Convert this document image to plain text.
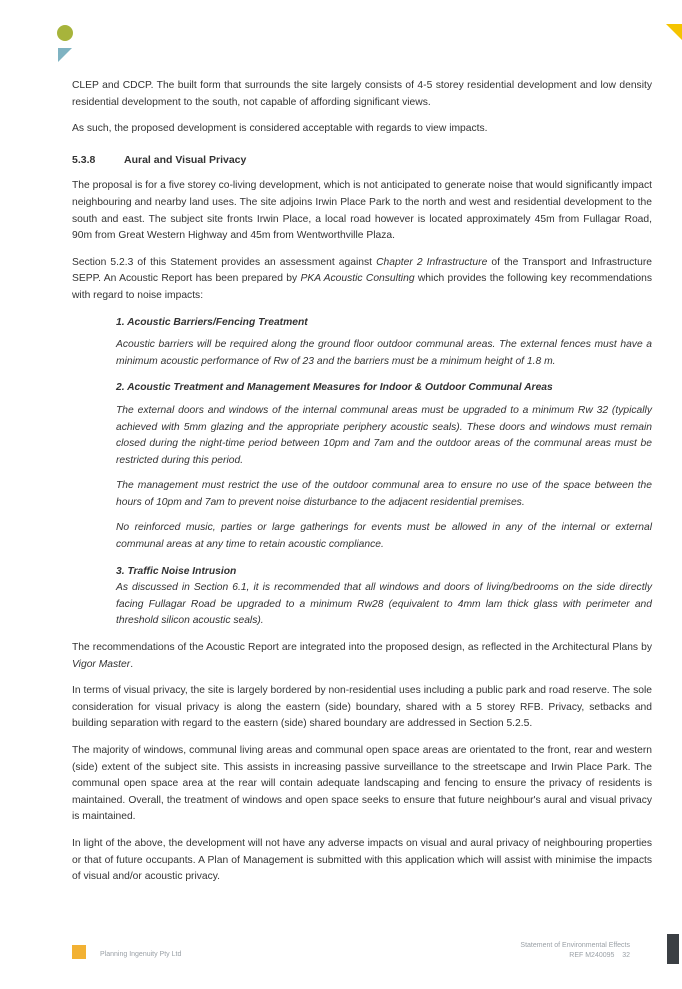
CLEP and CDCP. The built form that surrounds the site largely consists of 4-5 storey residential development and low density residential development to the south, not capable of affording significant views.

As such, the proposed development is considered acceptable with regards to view impacts.

5.3.8	Aural and Visual Privacy

The proposal is for a five storey co-living development, which is not anticipated to generate noise that would significantly impact neighbouring and nearby land uses. The site adjoins Irwin Place Park to the north and west and residential development to the south and east. The subject site fronts Irwin Place, a local road however is located approximately 45m from Fullagar Road, 90m from Great Western Highway and 45m from Wentworthville Plaza.

Section 5.2.3 of this Statement provides an assessment against Chapter 2 Infrastructure of the Transport and Infrastructure SEPP. An Acoustic Report has been prepared by PKA Acoustic Consulting which provides the following key recommendations with regard to noise impacts:

1. Acoustic Barriers/Fencing Treatment

Acoustic barriers will be required along the ground floor outdoor communal areas. The external fences must have a minimum acoustic performance of Rw of 23 and the barriers must be a minimum height of 1.8 m.

2. Acoustic Treatment and Management Measures for Indoor & Outdoor Communal Areas

The external doors and windows of the internal communal areas must be upgraded to a minimum Rw 32 (typically achieved with 5mm glazing and the appropriate periphery acoustic seals). These doors and windows must remain closed during the night-time period between 10pm and 7am and the outdoor areas of the communal areas must be restricted during this period.

The management must restrict the use of the outdoor communal area to ensure no use of the space between the hours of 10pm and 7am to prevent noise disturbance to the adjacent residential premises.

No reinforced music, parties or large gatherings for events must be allowed in any of the internal or external communal areas at any time to retain acoustic compliance.

3. Traffic Noise Intrusion

As discussed in Section 6.1, it is recommended that all windows and doors of living/bedrooms on the side directly facing Fullagar Road be upgraded to a minimum Rw28 (equivalent to 4mm lam thick glass with perimeter and threshold silicon acoustic seals).

The recommendations of the Acoustic Report are integrated into the proposed design, as reflected in the Architectural Plans by Vigor Master.

In terms of visual privacy, the site is largely bordered by non-residential uses including a public park and road reserve. The sole consideration for visual privacy is along the eastern (side) boundary, shared with a 5 storey RFB. Privacy, setbacks and building separation with regard to the eastern (side) shared boundary are addressed in Section 5.2.5.

The majority of windows, communal living areas and communal open space areas are orientated to the front, rear and western (side) extent of the subject site. This assists in increasing passive surveillance to the streetscape and Irwin Place Park. The communal open space area at the rear will contain adequate landscaping and fencing to ensure the privacy of residents is maintained. Overall, the treatment of windows and open space seeks to ensure that future neighbour's aural and visual privacy is maintained.

In light of the above, the development will not have any adverse impacts on visual and aural privacy of neighbouring properties or that of future occupants. A Plan of Management is submitted with this application which will assist with minimise the impacts of visual and/or acoustic privacy.

Planning Ingenuity Pty Ltd
Statement of Environmental Effects
REF M240095 32
